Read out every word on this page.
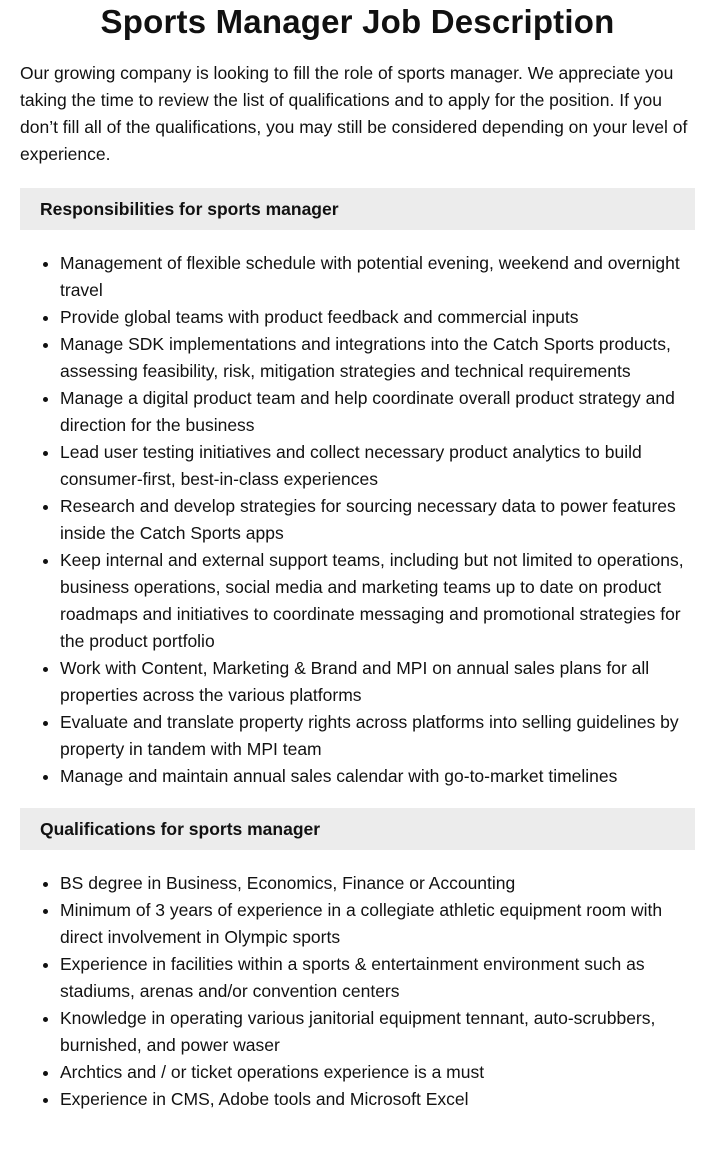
Sports Manager Job Description

Our growing company is looking to fill the role of sports manager. We appreciate you taking the time to review the list of qualifications and to apply for the position. If you don’t fill all of the qualifications, you may still be considered depending on your level of experience.

Responsibilities for sports manager
• Management of flexible schedule with potential evening, weekend and overnight travel
• Provide global teams with product feedback and commercial inputs
• Manage SDK implementations and integrations into the Catch Sports products, assessing feasibility, risk, mitigation strategies and technical requirements
• Manage a digital product team and help coordinate overall product strategy and direction for the business
• Lead user testing initiatives and collect necessary product analytics to build consumer-first, best-in-class experiences
• Research and develop strategies for sourcing necessary data to power features inside the Catch Sports apps
• Keep internal and external support teams, including but not limited to operations, business operations, social media and marketing teams up to date on product roadmaps and initiatives to coordinate messaging and promotional strategies for the product portfolio
• Work with Content, Marketing & Brand and MPI on annual sales plans for all properties across the various platforms
• Evaluate and translate property rights across platforms into selling guidelines by property in tandem with MPI team
• Manage and maintain annual sales calendar with go-to-market timelines
Qualifications for sports manager
• BS degree in Business, Economics, Finance or Accounting
• Minimum of 3 years of experience in a collegiate athletic equipment room with direct involvement in Olympic sports
• Experience in facilities within a sports & entertainment environment such as stadiums, arenas and/or convention centers
• Knowledge in operating various janitorial equipment tennant, auto-scrubbers, burnished, and power waser
• Archtics and / or ticket operations experience is a must
• Experience in CMS, Adobe tools and Microsoft Excel
